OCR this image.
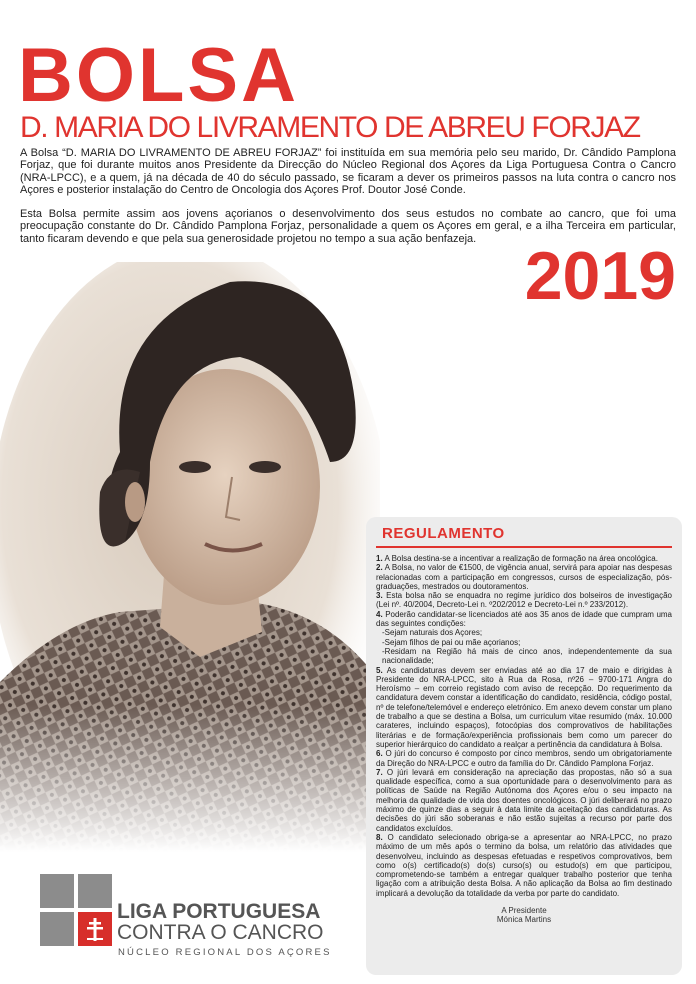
BOLSA
D. MARIA DO LIVRAMENTO DE ABREU FORJAZ

A Bolsa “D. MARIA DO LIVRAMENTO DE ABREU FORJAZ” foi instituída em sua memória pelo seu marido, Dr. Cândido Pamplona Forjaz, que foi durante muitos anos Presidente da Direcção do Núcleo Regional dos Açores da Liga Portuguesa Contra o Cancro (NRA-LPCC), e a quem, já na década de 40 do século passado, se ficaram a dever os primeiros passos na luta contra o cancro nos Açores e posterior instalação do Centro de Oncologia dos Açores Prof. Doutor José Conde.

Esta Bolsa permite assim aos jovens açorianos o desenvolvimento dos seus estudos no combate ao cancro, que foi uma preocupação constante do Dr. Cândido Pamplona Forjaz, personalidade a quem os Açores em geral, e a ilha Terceira em particular, tanto ficaram devendo e que pela sua generosidade projetou no tempo a sua ação benfazeja. 2019
REGULAMENTO

1. A Bolsa destina-se a incentivar a realização de formação na área oncológica.

2. A Bolsa, no valor de €1500, de vigência anual, servirá para apoiar nas despesas relacionadas com a participação em congressos, cursos de especialização, pós-graduações, mestrados ou doutoramentos.

3. Esta bolsa não se enquadra no regime jurídico dos bolseiros de investigação (Lei nº. 40/2004, Decreto-Lei n. º202/2012 e Decreto-Lei n.º 233/2012).

4. Poderão candidatar-se licenciados até aos 35 anos de idade que cumpram uma das seguintes condições:

-Sejam naturais dos Açores;

-Sejam filhos de pai ou mãe açorianos;

-Residam na Região há mais de cinco anos, independentemente da sua nacionalidade;

5. As candidaturas devem ser enviadas até ao dia 17 de maio e dirigidas à Presidente do NRA-LPCC, sito à Rua da Rosa, nº26 – 9700-171 Angra do Heroísmo – em correio registado com aviso de recepção. Do requerimento da candidatura devem constar a identificação do candidato, residência, código postal, nº de telefone/telemóvel e endereço eletrónico. Em anexo devem constar um plano de trabalho a que se destina a Bolsa, um curriculum vitae resumido (máx. 10.000 carateres, incluindo espaços), fotocópias dos comprovativos de habilitações literárias e de formação/experiência profissionais bem como um parecer do superior hierárquico do candidato a realçar a pertinência da candidatura à Bolsa.

6. O júri do concurso é composto por cinco membros, sendo um obrigatoriamente da Direção do NRA-LPCC e outro da família do Dr. Cândido Pamplona Forjaz.

7. O júri levará em consideração na apreciação das propostas, não só a sua qualidade específica, como a sua oportunidade para o desenvolvimento para as políticas de Saúde na Região Autónoma dos Açores e/ou o seu impacto na melhoria da qualidade de vida dos doentes oncológicos. O júri deliberará no prazo máximo de quinze dias a seguir à data limite da aceitação das candidaturas. As decisões do júri são soberanas e não estão sujeitas a recurso por parte dos candidatos excluídos.

8. O candidato selecionado obriga-se a apresentar ao NRA-LPCC, no prazo máximo de um mês após o termino da bolsa, um relatório das atividades que desenvolveu, incluindo as despesas efetuadas e respetivos comprovativos, bem como o(s) certificado(s) do(s) curso(s) ou estudo(s) em que participou, comprometendo-se também a entregar qualquer trabalho posterior que tenha ligação com a atribuição desta Bolsa. A não aplicação da Bolsa ao fim destinado implicará a devolução da totalidade da verba por parte do candidato.

A Presidente
Mónica Martins
LIGA PORTUGUESA
CONTRA O CANCRO
NÚCLEO REGIONAL DOS AÇORES
